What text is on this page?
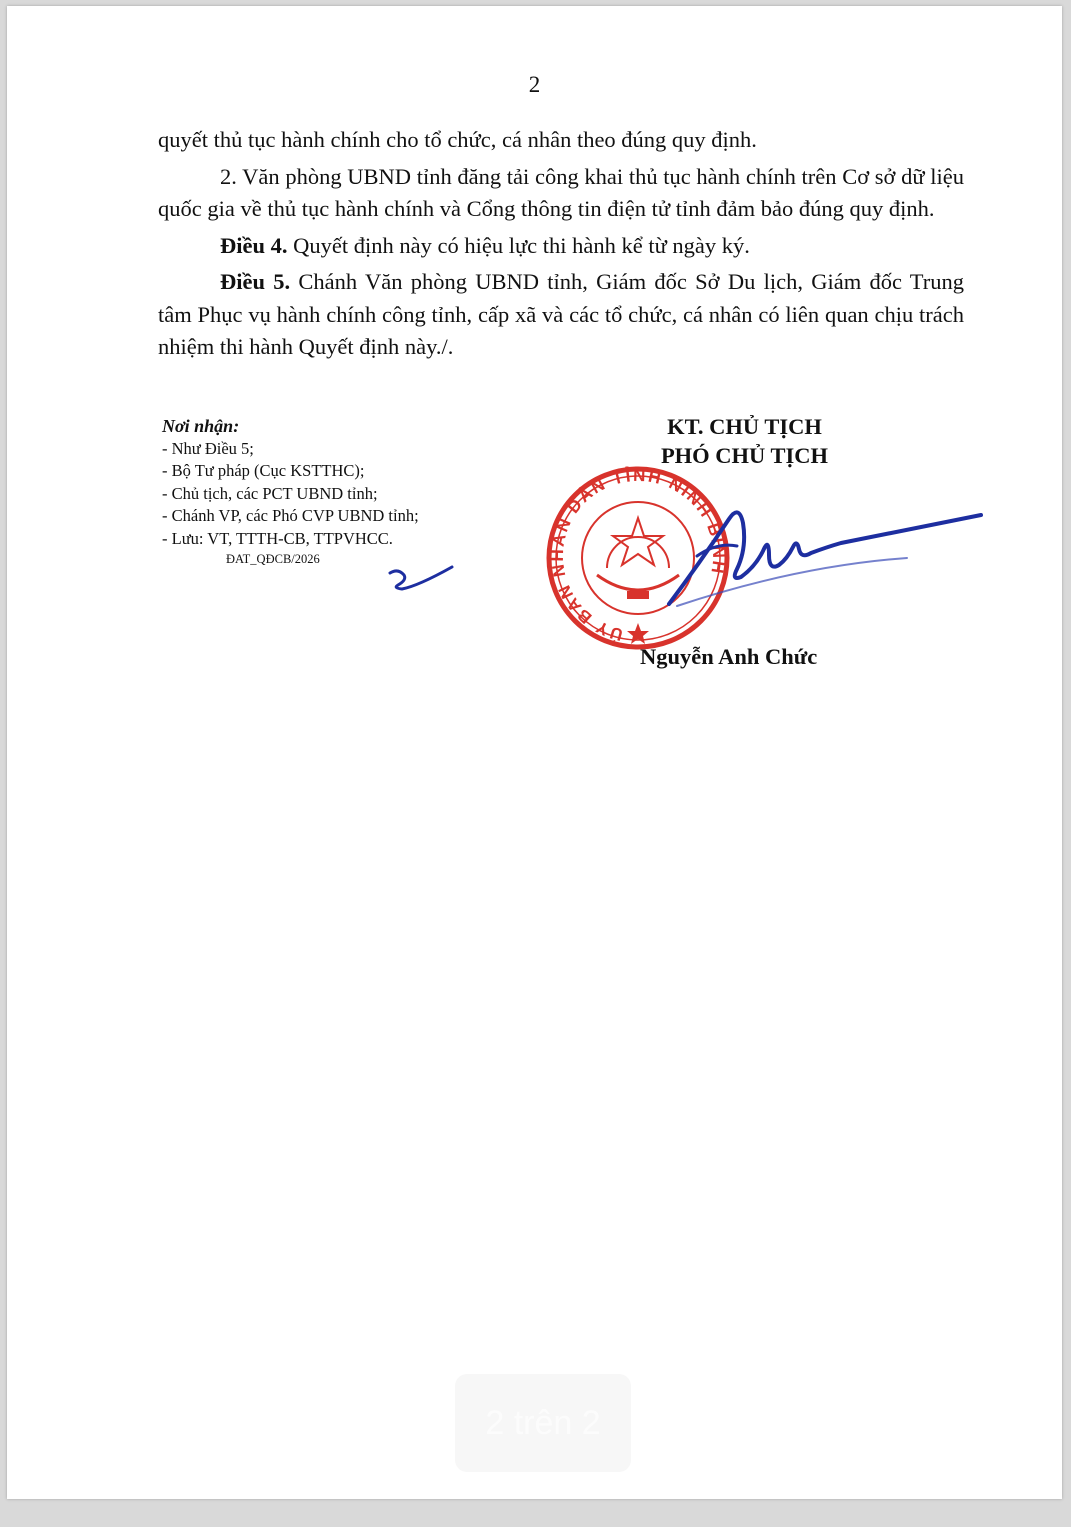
2

quyết thủ tục hành chính cho tổ chức, cá nhân theo đúng quy định.

2. Văn phòng UBND tỉnh đăng tải công khai thủ tục hành chính trên Cơ sở dữ liệu quốc gia về thủ tục hành chính và Cổng thông tin điện tử tỉnh đảm bảo đúng quy định.

Điều 4. Quyết định này có hiệu lực thi hành kể từ ngày ký.

Điều 5. Chánh Văn phòng UBND tỉnh, Giám đốc Sở Du lịch, Giám đốc Trung tâm Phục vụ hành chính công tỉnh, cấp xã và các tổ chức, cá nhân có liên quan chịu trách nhiệm thi hành Quyết định này./.

Nơi nhận:
- Như Điều 5;
- Bộ Tư pháp (Cục KSTTHC);
- Chủ tịch, các PCT UBND tỉnh;
- Chánh VP, các Phó CVP UBND tỉnh;
- Lưu: VT, TTTH-CB, TTPVHCC.
ĐAT_QĐCB/2026
KT. CHỦ TỊCH
PHÓ CHỦ TỊCH
ỦY BAN NHÂN DÂN TỈNH NINH BÌNH
Nguyễn Anh Chức
2 trên 2
